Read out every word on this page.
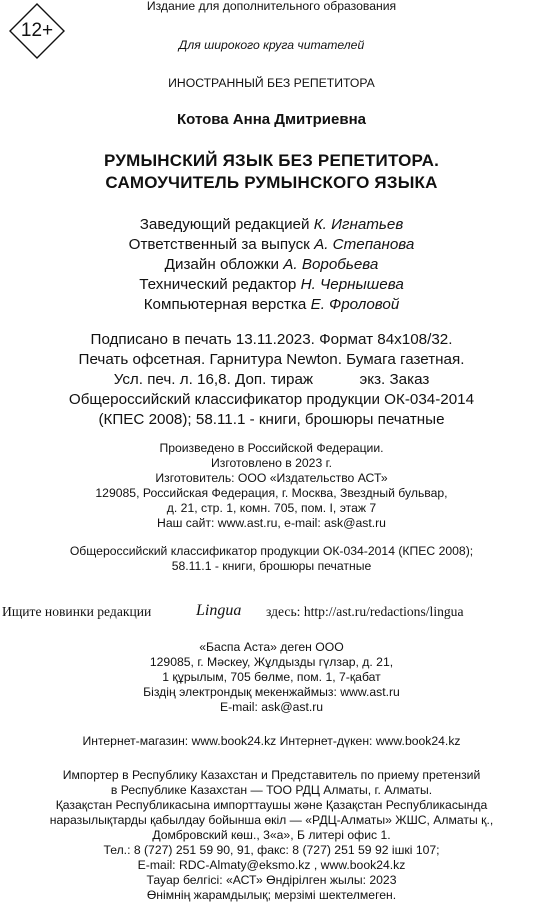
12+
Издание для дополнительного образования
Для широкого круга читателей
ИНОСТРАННЫЙ БЕЗ РЕПЕТИТОРА
Котова Анна Дмитриевна
РУМЫНСКИЙ ЯЗЫК БЕЗ РЕПЕТИТОРА.
САМОУЧИТЕЛЬ РУМЫНСКОГО ЯЗЫКА
Заведующий редакцией К. Игнатьев
Ответственный за выпуск А. Степанова
Дизайн обложки А. Воробьева
Технический редактор Н. Чернышева
Компьютерная верстка Е. Фроловой
Подписано в печать 13.11.2023. Формат 84x108/32.
Печать офсетная. Гарнитура Newton. Бумага газетная.
Усл. печ. л. 16,8. Доп. тираж           экз. Заказ
Общероссийский классификатор продукции ОК-034-2014
(КПЕС 2008); 58.11.1 - книги, брошюры печатные
Произведено в Российской Федерации.
Изготовлено в 2023 г.
Изготовитель: ООО «Издательство АСТ»
129085, Российская Федерация, г. Москва, Звездный бульвар,
д. 21, стр. 1, комн. 705, пом. I, этаж 7
Наш сайт: www.ast.ru, e-mail: ask@ast.ru
Общероссийский классификатор продукции ОК-034-2014 (КПЕС 2008);
58.11.1 - книги, брошюры печатные
Ищите новинки редакции	Lingua здесь: http://ast.ru/redactions/lingua
«Баспа Аста» деген ООО
129085, г. Мәскеу, Жұлдызды гүлзар, д. 21,
1 құрылым, 705 бөлме, пом. 1, 7-қабат
Біздің электрондық мекенжаймыз: www.ast.ru
E-mail: ask@ast.ru
Интернет-магазин: www.book24.kz Интернет-дүкен: www.book24.kz
Импортер в Республику Казахстан и Представитель по приему претензий
в Республике Казахстан — ТОО РДЦ Алматы, г. Алматы.
Қазақстан Республикасына импорттаушы және Қазақстан Республикасында
наразылықтарды қабылдау бойынша өкіл — «РДЦ-Алматы» ЖШС, Алматы қ.,
Домбровский көш., 3«а», Б литері офис 1.
Тел.: 8 (727) 251 59 90, 91, факс: 8 (727) 251 59 92 ішкі 107;
E-mail: RDC-Almaty@eksmo.kz , www.book24.kz
Тауар белгісі: «АСТ» Өндірілген жылы: 2023
Өнімнің жарамдылық; мерзімі шектелмеген.
